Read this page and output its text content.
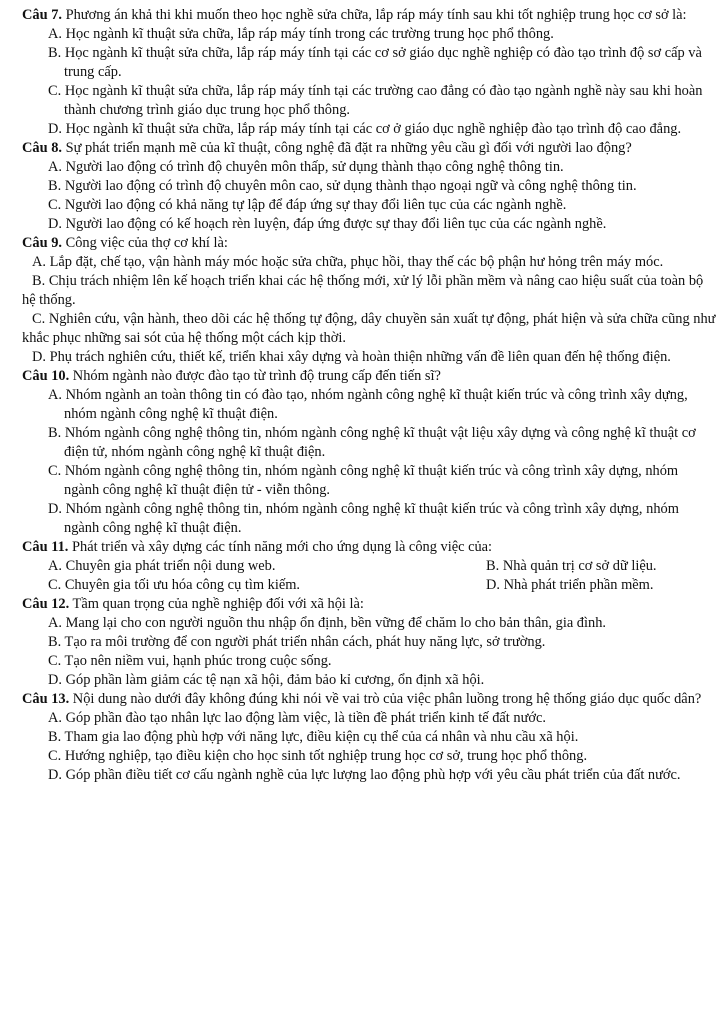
Câu 7. Phương án khả thi khi muốn theo học nghề sửa chữa, lắp ráp máy tính sau khi tốt nghiệp trung học cơ sở là:

A. Học ngành kĩ thuật sửa chữa, lắp ráp máy tính trong các trường trung học phổ thông.

B. Học ngành kĩ thuật sửa chữa, lắp ráp máy tính tại các cơ sở giáo dục nghề nghiệp có đào tạo trình độ sơ cấp và trung cấp.

C. Học ngành kĩ thuật sửa chữa, lắp ráp máy tính tại các trường cao đẳng có đào tạo ngành nghề này sau khi hoàn thành chương trình giáo dục trung học phổ thông.

D. Học ngành kĩ thuật sửa chữa, lắp ráp máy tính tại các cơ ở giáo dục nghề nghiệp đào tạo trình độ cao đẳng.

Câu 8. Sự phát triển mạnh mẽ của kĩ thuật, công nghệ đã đặt ra những yêu cầu gì đối với người lao động?

A. Người lao động có trình độ chuyên môn thấp, sử dụng thành thạo công nghệ thông tin.

B. Người lao động có trình độ chuyên môn cao, sử dụng thành thạo ngoại ngữ và công nghệ thông tin.

C. Người lao động có khả năng tự lập để đáp ứng sự thay đổi liên tục của các ngành nghề.

D. Người lao động có kế hoạch rèn luyện, đáp ứng được sự thay đổi liên tục của các ngành nghề.

Câu 9. Công việc của thợ cơ khí là:

A. Lắp đặt, chế tạo, vận hành máy móc hoặc sửa chữa, phục hồi, thay thế các bộ phận hư hỏng trên máy móc.

B. Chịu trách nhiệm lên kế hoạch triển khai các hệ thống mới, xử lý lỗi phần mềm và nâng cao hiệu suất của toàn bộ hệ thống.

C. Nghiên cứu, vận hành, theo dõi các hệ thống tự động, dây chuyền sản xuất tự động, phát hiện và sửa chữa cũng như khắc phục những sai sót của hệ thống một cách kịp thời.

D. Phụ trách nghiên cứu, thiết kế, triển khai xây dựng và hoàn thiện những vấn đề liên quan đến hệ thống điện.

Câu 10. Nhóm ngành nào được đào tạo từ trình độ trung cấp đến tiến sĩ?

A. Nhóm ngành an toàn thông tin có đào tạo, nhóm ngành công nghệ kĩ thuật kiến trúc và công trình xây dựng, nhóm ngành công nghệ kĩ thuật điện.

B. Nhóm ngành công nghệ thông tin, nhóm ngành công nghệ kĩ thuật vật liệu xây dựng và công nghệ kĩ thuật cơ điện tử, nhóm ngành công nghệ kĩ thuật điện.

C. Nhóm ngành công nghệ thông tin, nhóm ngành công nghệ kĩ thuật kiến trúc và công trình xây dựng, nhóm ngành công nghệ kĩ thuật điện tử - viễn thông.

D. Nhóm ngành công nghệ thông tin, nhóm ngành công nghệ kĩ thuật kiến trúc và công trình xây dựng, nhóm ngành công nghệ kĩ thuật điện.

Câu 11. Phát triển và xây dựng các tính năng mới cho ứng dụng là công việc của:

A. Chuyên gia phát triển nội dung web.	B. Nhà quản trị cơ sở dữ liệu.

C. Chuyên gia tối ưu hóa công cụ tìm kiếm.	D. Nhà phát triển phần mềm.

Câu 12. Tầm quan trọng của nghề nghiệp đối với xã hội là:

A. Mang lại cho con người nguồn thu nhập ổn định, bền vững để chăm lo cho bản thân, gia đình.

B. Tạo ra môi trường để con người phát triển nhân cách, phát huy năng lực, sở trường.

C. Tạo nên niềm vui, hạnh phúc trong cuộc sống.

D. Góp phần làm giảm các tệ nạn xã hội, đảm bảo kỉ cương, ổn định xã hội.

Câu 13. Nội dung nào dưới đây không đúng khi nói về vai trò của việc phân luồng trong hệ thống giáo dục quốc dân?

A. Góp phần đào tạo nhân lực lao động làm việc, là tiền đề phát triển kinh tế đất nước.

B. Tham gia lao động phù hợp với năng lực, điều kiện cụ thể của cá nhân và nhu cầu xã hội.

C. Hướng nghiệp, tạo điều kiện cho học sinh tốt nghiệp trung học cơ sở, trung học phổ thông.

D. Góp phần điều tiết cơ cấu ngành nghề của lực lượng lao động phù hợp với yêu cầu phát triển của đất nước.
